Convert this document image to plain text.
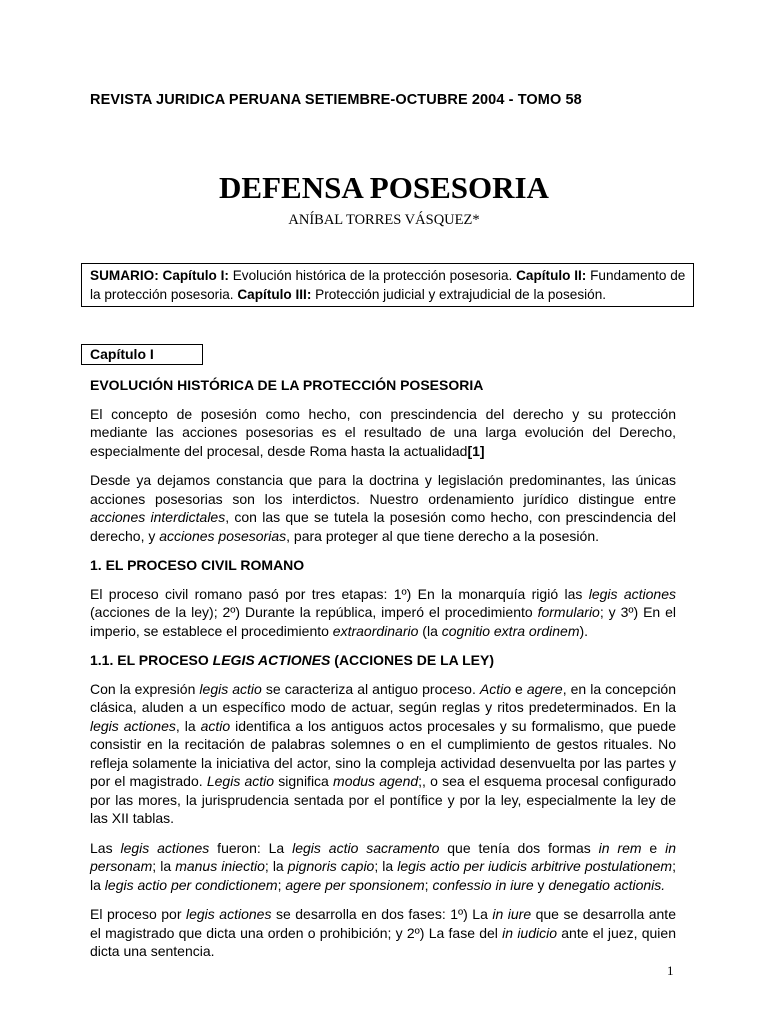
REVISTA JURIDICA PERUANA SETIEMBRE-OCTUBRE 2004 - TOMO 58
DEFENSA POSESORIA
ANÍBAL TORRES VÁSQUEZ*
SUMARIO: Capítulo I: Evolución histórica de la protección posesoria. Capítulo II: Fundamento de la protección posesoria. Capítulo III: Protección judicial y extrajudicial de la posesión.
Capítulo I
EVOLUCIÓN HISTÓRICA DE LA PROTECCIÓN POSESORIA

El concepto de posesión como hecho, con prescindencia del derecho y su protección mediante las acciones posesorias es el resultado de una larga evolución del Derecho, especialmente del procesal, desde Roma hasta la actualidad[1]

Desde ya dejamos constancia que para la doctrina y legislación predominantes, las únicas acciones posesorias son los interdictos. Nuestro ordenamiento jurídico distingue entre acciones interdictales, con las que se tutela la posesión como hecho, con prescindencia del derecho, y acciones posesorias, para proteger al que tiene derecho a la posesión.

1. EL PROCESO CIVIL ROMANO

El proceso civil romano pasó por tres etapas: 1º) En la monarquía rigió las legis actiones (acciones de la ley); 2º) Durante la república, imperó el procedimiento formulario; y 3º) En el imperio, se establece el procedimiento extraordinario (la cognitio extra ordinem).

1.1. EL PROCESO LEGIS ACTIONES (ACCIONES DE LA LEY)

Con la expresión legis actio se caracteriza al antiguo proceso. Actio e agere, en la concepción clásica, aluden a un específico modo de actuar, según reglas y ritos predeterminados. En la legis actiones, la actio identifica a los antiguos actos procesales y su formalismo, que puede consistir en la recitación de palabras solemnes o en el cumplimiento de gestos rituales. No refleja solamente la iniciativa del actor, sino la compleja actividad desenvuelta por las partes y por el magistrado. Legis actio significa modus agend;, o sea el esquema procesal configurado por las mores, la jurisprudencia sentada por el pontífice y por la ley, especialmente la ley de las XII tablas.

Las legis actiones fueron: La legis actio sacramento que tenía dos formas in rem e in personam; la manus iniectio; la pignoris capio; la legis actio per iudicis arbitrive postulationem; la legis actio per condictionem; agere per sponsionem; confessio in iure y denegatio actionis.

El proceso por legis actiones se desarrolla en dos fases: 1º) La in iure que se desarrolla ante el magistrado que dicta una orden o prohibición; y 2º) La fase del in iudicio ante el juez, quien dicta una sentencia.

1
